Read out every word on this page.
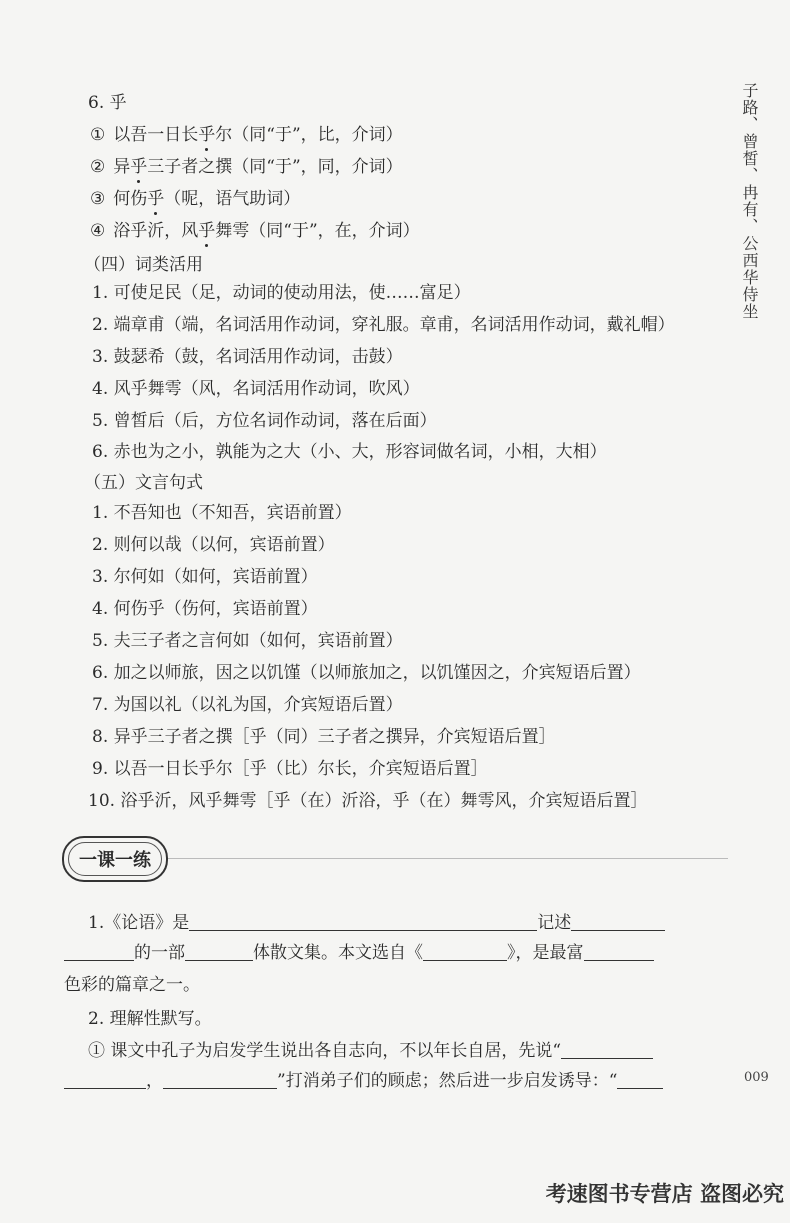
子路、曾皙、冉有、公西华侍坐
6. 乎
① 以吾一日长乎尔（同“于”，比，介词）
② 异乎三子者之撰（同“于”，同，介词）
③ 何伤乎（呢，语气助词）
④ 浴乎沂，风乎舞雩（同“于”，在，介词）
（四）词类活用
1. 可使足民（足，动词的使动用法，使……富足）
2. 端章甫（端，名词活用作动词，穿礼服。章甫，名词活用作动词，戴礼帽）
3. 鼓瑟希（鼓，名词活用作动词，击鼓）
4. 风乎舞雩（风，名词活用作动词，吹风）
5. 曾皙后（后，方位名词作动词，落在后面）
6. 赤也为之小，孰能为之大（小、大，形容词做名词，小相，大相）
（五）文言句式
1. 不吾知也（不知吾，宾语前置）
2. 则何以哉（以何，宾语前置）
3. 尔何如（如何，宾语前置）
4. 何伤乎（伤何，宾语前置）
5. 夫三子者之言何如（如何，宾语前置）
6. 加之以师旅，因之以饥馑（以师旅加之，以饥馑因之，介宾短语后置）
7. 为国以礼（以礼为国，介宾短语后置）
8. 异乎三子者之撰［乎（同）三子者之撰异，介宾短语后置］
9. 以吾一日长乎尔［乎（比）尔长，介宾短语后置］
10. 浴乎沂，风乎舞雩［乎（在）沂浴，乎（在）舞雩风，介宾短语后置］
一课一练
1.《论语》是	记述
的一部	体散文集。本文选自《	》，是最富
色彩的篇章之一。
2. 理解性默写。
① 课文中孔子为启发学生说出各自志向，不以年长自居，先说“
，	”打消弟子们的顾虑；然后进一步启发诱导：“	009
考速图书专营店 盗图必究
